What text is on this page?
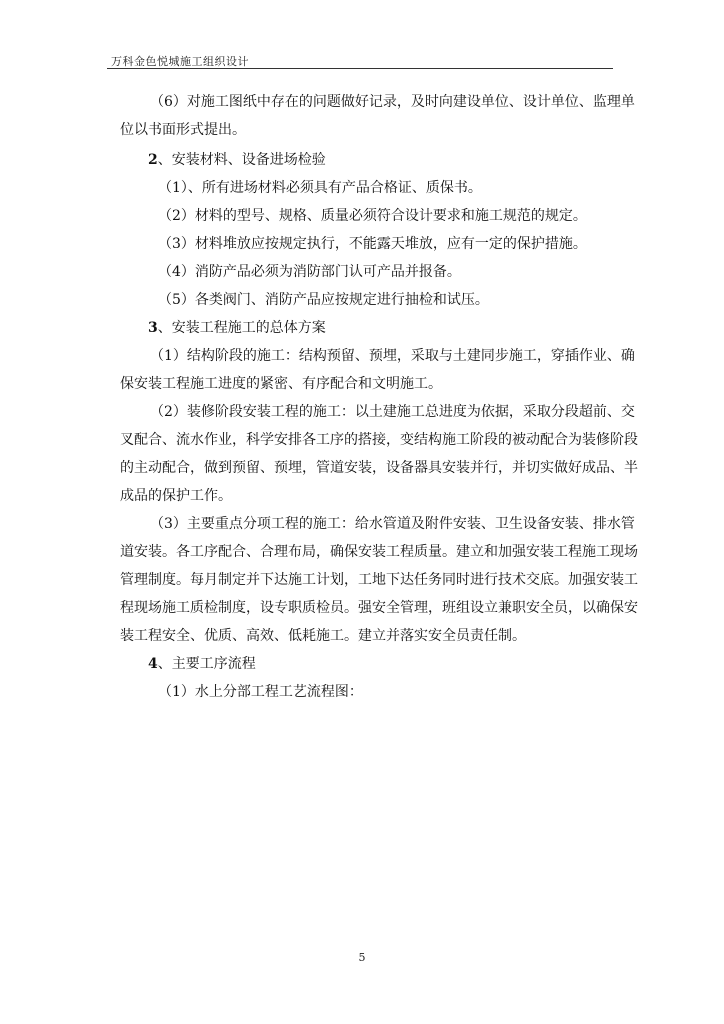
万科金色悦城施工组织设计

（6）对施工图纸中存在的问题做好记录，及时向建设单位、设计单位、监理单位以书面形式提出。

2、安装材料、设备进场检验

（1）、所有进场材料必须具有产品合格证、质保书。

（2）材料的型号、规格、质量必须符合设计要求和施工规范的规定。

（3）材料堆放应按规定执行，不能露天堆放，应有一定的保护措施。

（4）消防产品必须为消防部门认可产品并报备。

（5）各类阀门、消防产品应按规定进行抽检和试压。

3、安装工程施工的总体方案

（1）结构阶段的施工：结构预留、预埋，采取与土建同步施工，穿插作业、确保安装工程施工进度的紧密、有序配合和文明施工。

（2）装修阶段安装工程的施工：以土建施工总进度为依据，采取分段超前、交叉配合、流水作业，科学安排各工序的搭接，变结构施工阶段的被动配合为装修阶段的主动配合，做到预留、预埋，管道安装，设备器具安装并行，并切实做好成品、半成品的保护工作。

（3）主要重点分项工程的施工：给水管道及附件安装、卫生设备安装、排水管道安装。各工序配合、合理布局，确保安装工程质量。建立和加强安装工程施工现场管理制度。每月制定并下达施工计划，工地下达任务同时进行技术交底。加强安装工程现场施工质检制度，设专职质检员。强安全管理，班组设立兼职安全员，以确保安装工程安全、优质、高效、低耗施工。建立并落实安全员责任制。

4、主要工序流程

（1）水上分部工程工艺流程图：

5
